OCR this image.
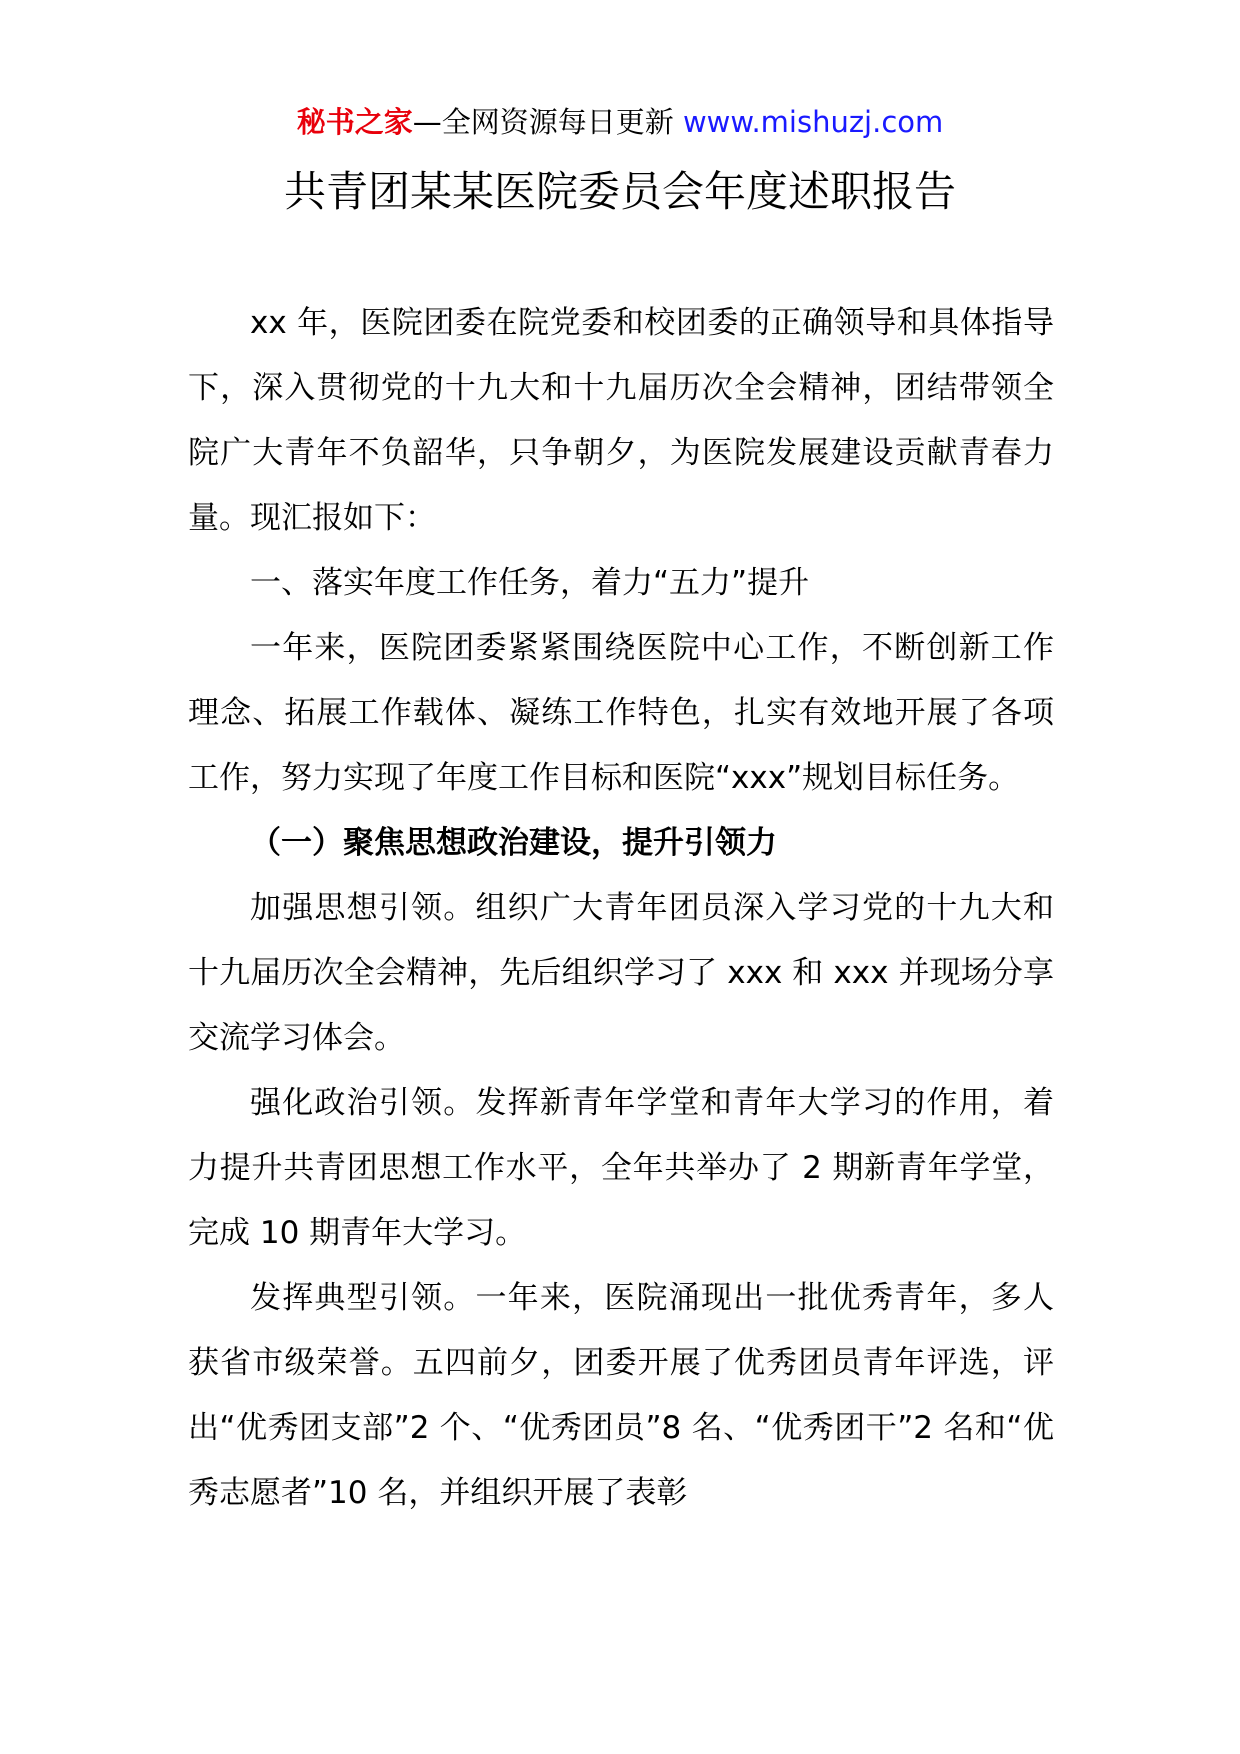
秘书之家—全网资源每日更新 www.mishuzj.com
共青团某某医院委员会年度述职报告

xx 年，医院团委在院党委和校团委的正确领导和具体指导下，深入贯彻党的十九大和十九届历次全会精神，团结带领全院广大青年不负韶华，只争朝夕，为医院发展建设贡献青春力量。现汇报如下：

一、落实年度工作任务，着力“五力”提升

一年来，医院团委紧紧围绕医院中心工作，不断创新工作理念、拓展工作载体、凝练工作特色，扎实有效地开展了各项工作，努力实现了年度工作目标和医院“xxx”规划目标任务。

（一）聚焦思想政治建设，提升引领力

加强思想引领。组织广大青年团员深入学习党的十九大和十九届历次全会精神，先后组织学习了 xxx 和 xxx 并现场分享交流学习体会。

强化政治引领。发挥新青年学堂和青年大学习的作用，着力提升共青团思想工作水平，全年共举办了 2 期新青年学堂，完成 10 期青年大学习。

发挥典型引领。一年来，医院涌现出一批优秀青年，多人获省市级荣誉。五四前夕，团委开展了优秀团员青年评选，评出“优秀团支部”2 个、“优秀团员”8 名、“优秀团干”2 名和“优秀志愿者”10 名，并组织开展了表彰
